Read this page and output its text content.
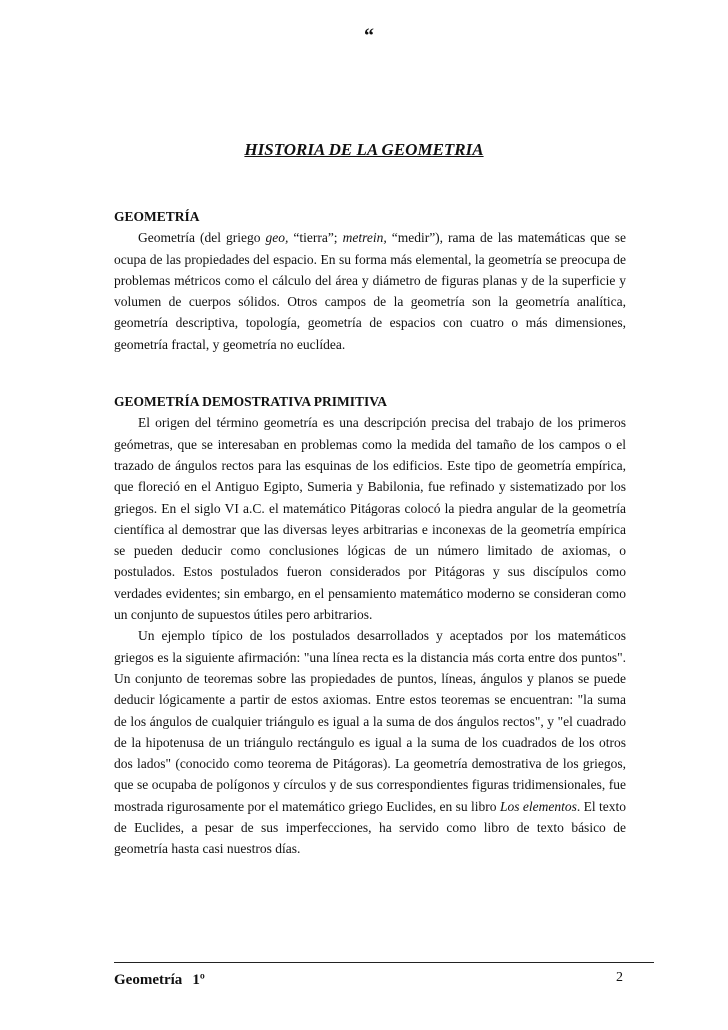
“
HISTORIA DE LA GEOMETRIA

GEOMETRÍA

Geometría (del griego geo, “tierra”; metrein, “medir”), rama de las matemáticas que se ocupa de las propiedades del espacio. En su forma más elemental, la geometría se preocupa de problemas métricos como el cálculo del área y diámetro de figuras planas y de la superficie y volumen de cuerpos sólidos. Otros campos de la geometría son la geometría analítica, geometría descriptiva, topología, geometría de espacios con cuatro o más dimensiones, geometría fractal, y geometría no euclídea.

GEOMETRÍA DEMOSTRATIVA PRIMITIVA

El origen del término geometría es una descripción precisa del trabajo de los primeros geómetras, que se interesaban en problemas como la medida del tamaño de los campos o el trazado de ángulos rectos para las esquinas de los edificios. Este tipo de geometría empírica, que floreció en el Antiguo Egipto, Sumeria y Babilonia, fue refinado y sistematizado por los griegos. En el siglo VI a.C. el matemático Pitágoras colocó la piedra angular de la geometría científica al demostrar que las diversas leyes arbitrarias e inconexas de la geometría empírica se pueden deducir como conclusiones lógicas de un número limitado de axiomas, o postulados. Estos postulados fueron considerados por Pitágoras y sus discípulos como verdades evidentes; sin embargo, en el pensamiento matemático moderno se consideran como un conjunto de supuestos útiles pero arbitrarios.

Un ejemplo típico de los postulados desarrollados y aceptados por los matemáticos griegos es la siguiente afirmación: "una línea recta es la distancia más corta entre dos puntos". Un conjunto de teoremas sobre las propiedades de puntos, líneas, ángulos y planos se puede deducir lógicamente a partir de estos axiomas. Entre estos teoremas se encuentran: "la suma de los ángulos de cualquier triángulo es igual a la suma de dos ángulos rectos", y "el cuadrado de la hipotenusa de un triángulo rectángulo es igual a la suma de los cuadrados de los otros dos lados" (conocido como teorema de Pitágoras). La geometría demostrativa de los griegos, que se ocupaba de polígonos y círculos y de sus correspondientes figuras tridimensionales, fue mostrada rigurosamente por el matemático griego Euclides, en su libro Los elementos. El texto de Euclides, a pesar de sus imperfecciones, ha servido como libro de texto básico de geometría hasta casi nuestros días.

Geometría 1º	2
